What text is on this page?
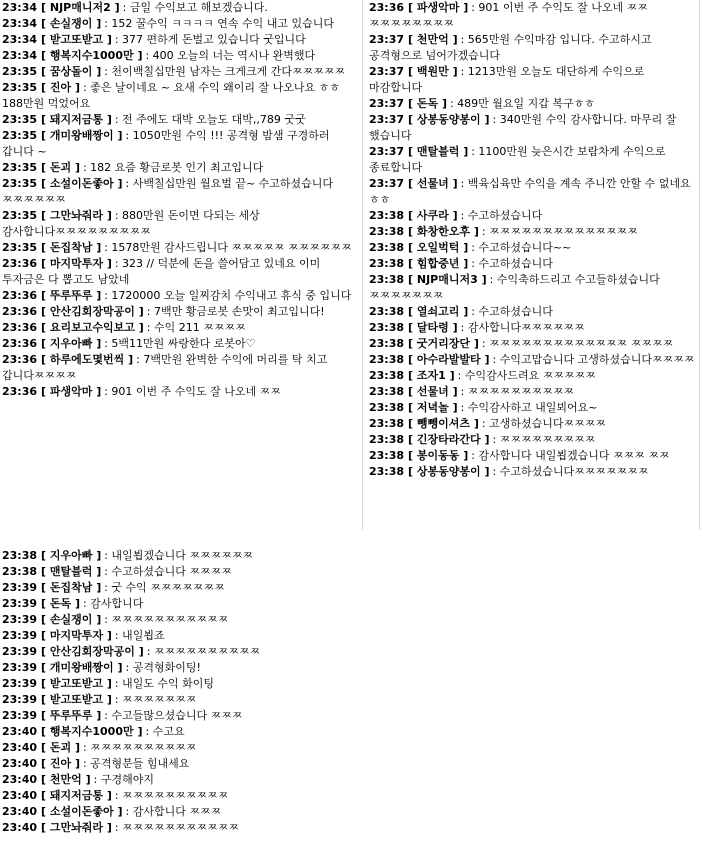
23:34 [ NJP매니저2 ] : 금일 수익보고 해보겠습니다.

23:34 [ 손실쟁이 ] : 152 꿀수익 ㅋㅋㅋㅋ 연속 수익 내고 있습니다

23:34 [ 받고또받고 ] : 377 편하게 돈벌고 있습니다 굿입니다

23:34 [ 행복지수1000만 ] : 400 오늘의 너는 역시나 완벽했다

23:35 [ 꿈상돌이 ] : 천이백칠십만원 남자는 크게크게 간다ㅉㅉㅉㅉㅉ

23:35 [ 진아 ] : 좋은 날이네요 ~ 요새 수익 왜이리 잘 나오나요 ㅎㅎ 188만원 먹었어요

23:35 [ 돼지저금통 ] : 전 주에도 대박 오늘도 대박,,789 굿굿

23:35 [ 개미왕배짱이 ] : 1050만원 수익 !!! 공격형 밤샘 구경하러 갑니다 ~

23:35 [ 돈괴 ] : 182 요즘 황금로봇 인기 최고입니다

23:35 [ 소설이돈좋아 ] : 사백칠십만원 월요벌 끝~ 수고하셨습니다 ㅉㅉㅉㅉㅉㅉ

23:35 [ 그만놔줘라 ] : 880만원 돈이면 다되는 세상 감사합니다ㅉㅉㅉㅉㅉㅉㅉㅉㅉ

23:35 [ 돈집착남 ] : 1578만원 감사드립니다 ㅉㅉㅉㅉㅉ ㅉㅉㅉㅉㅉㅉ

23:36 [ 마지막투자 ] : 323 // 덕분에 돈을 쓸어담고 있네요 이미 투자금은 다 뽑고도 남았네

23:36 [ 뚜루뚜루 ] : 1720000 오늘 일찌감치 수익내고 휴식 중 입니다

23:36 [ 안산김회장막공이 ] : 7백만 황금로봇 손맛이 최고입니다!

23:36 [ 요리보고수익보고 ] : 수익 211 ㅉㅉㅉㅉ

23:36 [ 지우아빠 ] : 5백11만원 싸랑한다 로봇아♡

23:36 [ 하루에도몇번씩 ] : 7백만원 완벽한 수익에 머리를 탁 치고 갑니다ㅉㅉㅉㅉ

23:36 [ 파생악마 ] : 901 이번 주 수익도 잘 나오네 ㅉㅉ

23:36 [ 파생악마 ] : 901 이번 주 수익도 잘 나오네 ㅉㅉ ㅉㅉㅉㅉㅉㅉㅉㅉ

23:37 [ 천만억 ] : 565만원 수익마감 입니다. 수고하시고 공격형으로 넘어가겠습니다

23:37 [ 백원만 ] : 1213만원 오늘도 대단하게 수익으로 마감합니다

23:37 [ 돈독 ] : 489만 월요일 지갑 복구ㅎㅎ

23:37 [ 상봉동양봉이 ] : 340만원 수익 감사합니다. 마무리 잘 했습니다

23:37 [ 맨탈블럭 ] : 1100만원 늦은시간 보람차게 수익으로 종료합니다

23:37 [ 선물녀 ] : 백육십육만 수익을 계속 주니깐 안할 수 없네요 ㅎㅎ

23:38 [ 사쿠라 ] : 수고하셨습니다

23:38 [ 화창한오후 ] : ㅉㅉㅉㅉㅉㅉㅉㅉㅉㅉㅉㅉㅉㅉ

23:38 [ 오일벅턱 ] : 수고하셨습니다~~

23:38 [ 힘합중년 ] : 수고하셨습니다

23:38 [ NJP매니저3 ] : 수익축하드리고 수고들하셨습니다 ㅉㅉㅉㅉㅉㅉㅉ

23:38 [ 열쇠고리 ] : 수고하셨습니다

23:38 [ 달타령 ] : 감사합니다ㅉㅉㅉㅉㅉㅉ

23:38 [ 굿거리장단 ] : ㅉㅉㅉㅉㅉㅉㅉㅉㅉㅉㅉㅉㅉ ㅉㅉㅉㅉ

23:38 [ 아수라발발타 ] : 수익고맙습니다 고생하셨습니다ㅉㅉㅉㅉ

23:38 [ 조자1 ] : 수익감사드려요 ㅉㅉㅉㅉㅉ

23:38 [ 선물녀 ] : ㅉㅉㅉㅉㅉㅉㅉㅉㅉㅉ

23:38 [ 저녁놀 ] : 수익감사하고 내일뵈어요~

23:38 [ 뺑뺑이셔츠 ] : 고생하셨습니다ㅉㅉㅉㅉ

23:38 [ 긴장타라간다 ] : ㅉㅉㅉㅉㅉㅉㅉㅉㅉ

23:38 [ 봉이동동 ] : 감사합니다 내일뵙겠습니다 ㅉㅉㅉ ㅉㅉ

23:38 [ 상봉동양봉이 ] : 수고하셨습니다ㅉㅉㅉㅉㅉㅉㅉ

23:38 [ 지우아빠 ] : 내일뵙겠습니다 ㅉㅉㅉㅉㅉㅉ

23:38 [ 맨탈블럭 ] : 수고하셨습니다 ㅉㅉㅉㅉ

23:39 [ 돈집착남 ] : 굿 수익 ㅉㅉㅉㅉㅉㅉㅉ

23:39 [ 돈독 ] : 감사합니다

23:39 [ 손실쟁이 ] : ㅉㅉㅉㅉㅉㅉㅉㅉㅉㅉㅉ

23:39 [ 마지막투자 ] : 내일뵙죠

23:39 [ 안산김회장막공이 ] : ㅉㅉㅉㅉㅉㅉㅉㅉㅉㅉ

23:39 [ 개미왕배짱이 ] : 공격형화이팅!

23:39 [ 받고또받고 ] : 내일도 수익 화이팅

23:39 [ 받고또받고 ] : ㅉㅉㅉㅉㅉㅉㅉ

23:39 [ 뚜루뚜루 ] : 수고들많으셨습니다 ㅉㅉㅉ

23:40 [ 행복지수1000만 ] : 수고요

23:40 [ 돈괴 ] : ㅉㅉㅉㅉㅉㅉㅉㅉㅉㅉ

23:40 [ 진아 ] : 공격형분들 힘내세요

23:40 [ 천만억 ] : 구경해야지

23:40 [ 돼지저금통 ] : ㅉㅉㅉㅉㅉㅉㅉㅉㅉㅉ

23:40 [ 소설이돈좋아 ] : 감사합니다 ㅉㅉㅉ

23:40 [ 그만놔줘라 ] : ㅉㅉㅉㅉㅉㅉㅉㅉㅉㅉㅉ
